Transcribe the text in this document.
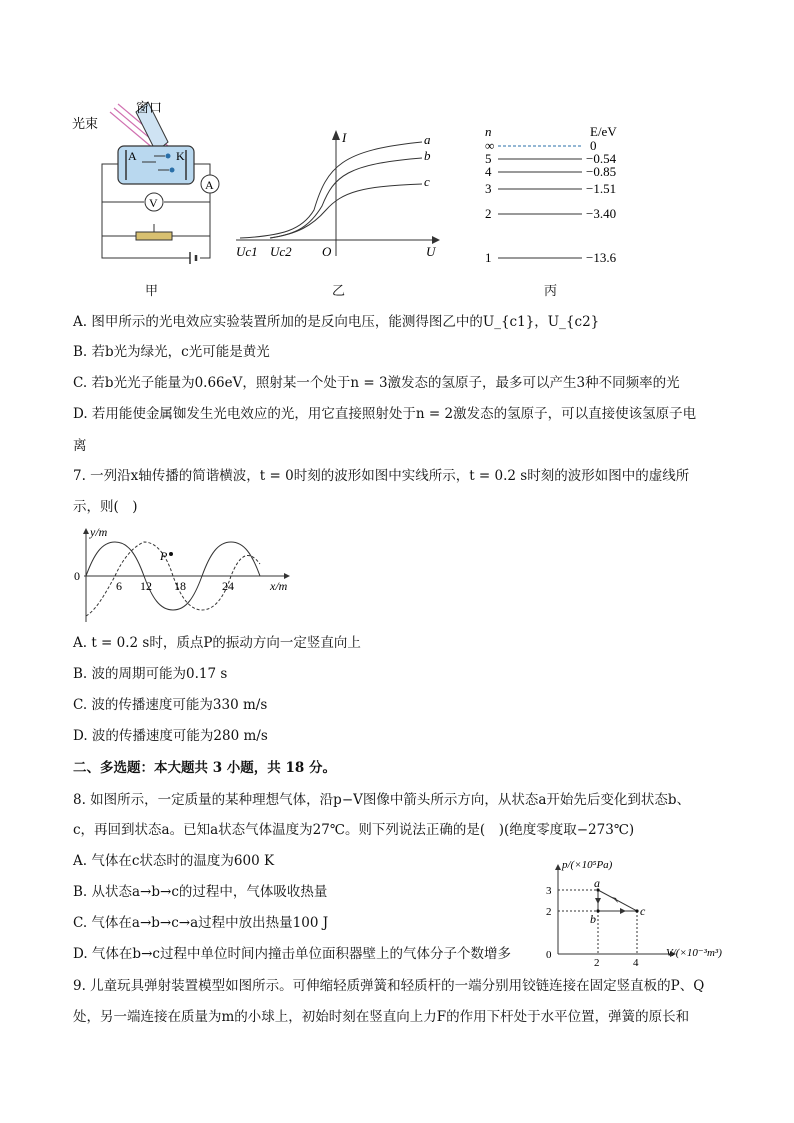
光束
窗口
A	K
V
A
甲
a
b
c
I
U
O
Uc1 Uc2
乙
n	E/eV
∞	0
5	−0.54
4	−0.85
3	−1.51
2	−3.40
1	−13.6
丙
A. 图甲所示的光电效应实验装置所加的是反向电压，能测得图乙中的U_{c1}，U_{c2}
B. 若b光为绿光，c光可能是黄光
C. 若b光光子能量为0.66eV，照射某一个处于n = 3激发态的氢原子，最多可以产生3种不同频率的光
D. 若用能使金属铷发生光电效应的光，用它直接照射处于n = 2激发态的氢原子，可以直接使该氢原子电
离
7. 一列沿x轴传播的简谐横波，t = 0时刻的波形如图中实线所示，t = 0.2 s时刻的波形如图中的虚线所
示，则(　)
y/m
x/m
0
6 12 18	24
P
A. t = 0.2 s时，质点P的振动方向一定竖直向上
B. 波的周期可能为0.17 s
C. 波的传播速度可能为330 m/s
D. 波的传播速度可能为280 m/s
二、多选题：本大题共 3 小题，共 18 分。
8. 如图所示，一定质量的某种理想气体，沿p−V图像中箭头所示方向，从状态a开始先后变化到状态b、
c，再回到状态a。已知a状态气体温度为27℃。则下列说法正确的是(　)(绝度零度取−273℃)
A. 气体在c状态时的温度为600 K
B. 从状态a→b→c的过程中，气体吸收热量
C. 气体在a→b→c→a过程中放出热量100 J
D. 气体在b→c过程中单位时间内撞击单位面积器壁上的气体分子个数增多
p/(×10⁵Pa)
V/(×10⁻³m³)
0
3
2
2	4
a
b
c
9. 儿童玩具弹射装置模型如图所示。可伸缩轻质弹簧和轻质杆的一端分别用铰链连接在固定竖直板的P、Q
处，另一端连接在质量为m的小球上，初始时刻在竖直向上力F的作用下杆处于水平位置，弹簧的原长和
